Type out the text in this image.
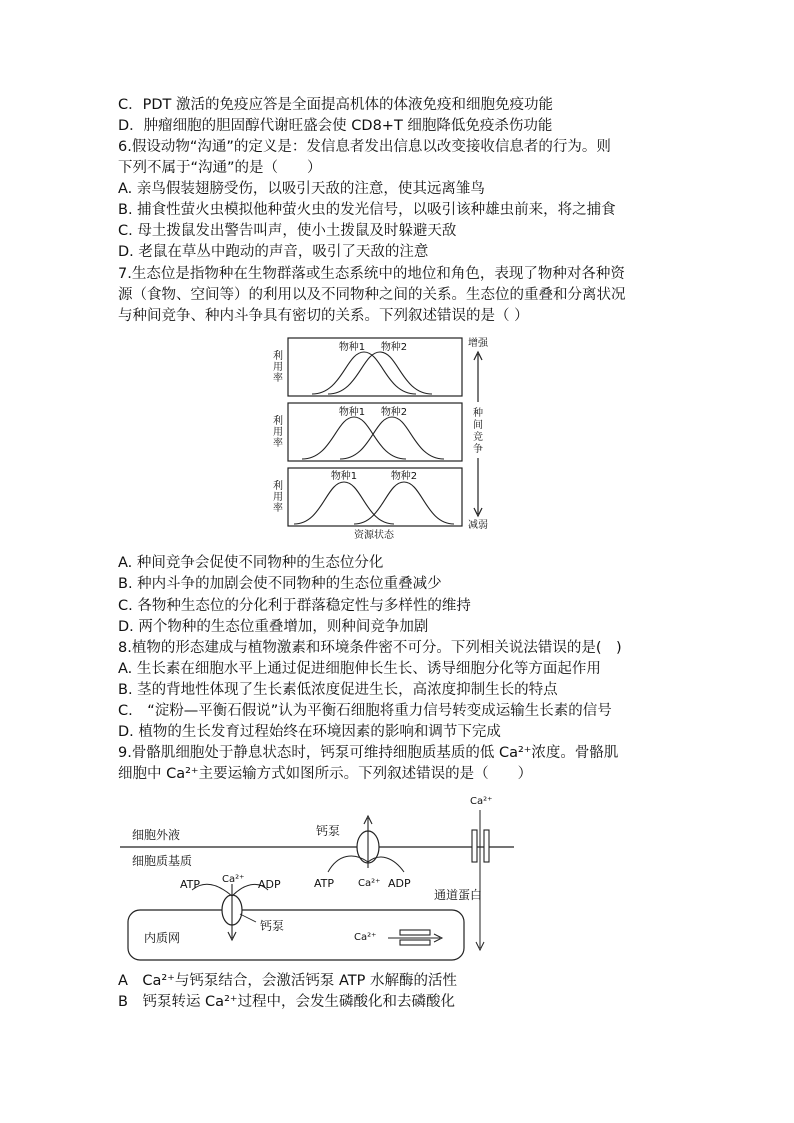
C．PDT 激活的免疫应答是全面提高机体的体液免疫和细胞免疫功能
D．肿瘤细胞的胆固醇代谢旺盛会使 CD8+T 细胞降低免疫杀伤功能
6.假设动物“沟通”的定义是：发信息者发出信息以改变接收信息者的行为。则
下列不属于“沟通”的是（　　）
A. 亲鸟假装翅膀受伤，以吸引天敌的注意，使其远离雏鸟
B. 捕食性萤火虫模拟他种萤火虫的发光信号，以吸引该种雄虫前来，将之捕食
C. 母土拨鼠发出警告叫声，使小土拨鼠及时躲避天敌
D. 老鼠在草丛中跑动的声音，吸引了天敌的注意
7.生态位是指物种在生物群落或生态系统中的地位和角色，表现了物种对各种资
源（食物、空间等）的利用以及不同物种之间的关系。生态位的重叠和分离状况
与种间竞争、种内斗争具有密切的关系。下列叙述错误的是（ ）
利
用
率
物种1 物种2
利
用
率
物种1 物种2
利
用
率
物种1	物种2
资源状态
增强
种
间
竞
争
减弱
A. 种间竞争会促使不同物种的生态位分化
B. 种内斗争的加剧会使不同物种的生态位重叠减少
C. 各物种生态位的分化利于群落稳定性与多样性的维持
D. 两个物种的生态位重叠增加，则种间竞争加剧
8.植物的形态建成与植物激素和环境条件密不可分。下列相关说法错误的是(　)
A. 生长素在细胞水平上通过促进细胞伸长生长、诱导细胞分化等方面起作用
B. 茎的背地性体现了生长素低浓度促进生长，高浓度抑制生长的特点
C.　“淀粉—平衡石假说”认为平衡石细胞将重力信号转变成运输生长素的信号
D. 植物的生长发育过程始终在环境因素的影响和调节下完成
9.骨骼肌细胞处于静息状态时，钙泵可维持细胞质基质的低 Ca²⁺浓度。骨骼肌
细胞中 Ca²⁺主要运输方式如图所示。下列叙述错误的是（　　）
细胞外液
细胞质基质
钙泵
ATP Ca²⁺ ADP
Ca²⁺
通道蛋白
内质网
ATP Ca²⁺ ADP
钙泵
Ca²⁺
A　Ca²⁺与钙泵结合，会激活钙泵 ATP 水解酶的活性
B　钙泵转运 Ca²⁺过程中，会发生磷酸化和去磷酸化
